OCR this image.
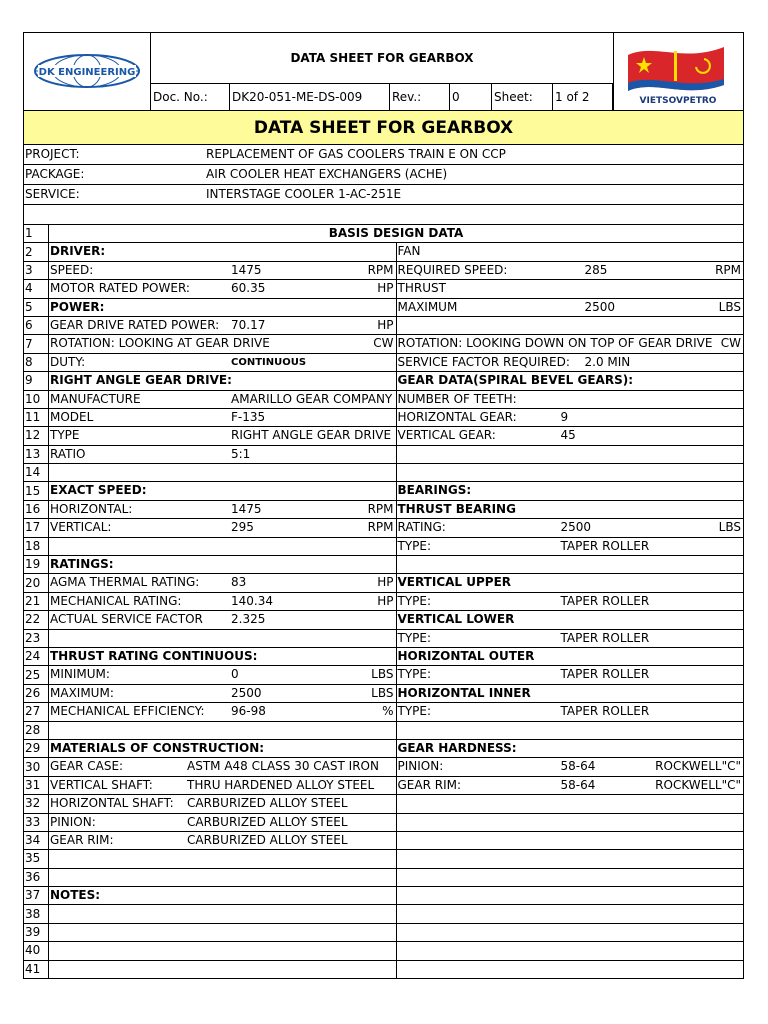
DK ENGINEERING
DATA SHEET FOR GEARBOX
Doc. No.:	DK20-051-ME-DS-009	Rev.:	0	Sheet:	1 of 2	VIETSOVPETRO
DATA SHEET FOR GEARBOX
PROJECT:	REPLACEMENT OF GAS COOLERS TRAIN E ON CCP
PACKAGE:	AIR COOLER HEAT EXCHANGERS (ACHE)
SERVICE:	INTERSTAGE COOLER 1-AC-251E
1	BASIS DESIGN DATA	
2	DRIVER:	FAN

3	SPEED: 1475 RPM	REQUIRED SPEED: 285 RPM

4	MOTOR RATED POWER: 60.35 HP	THRUST

5	POWER:	MAXIMUM 2500 LBS

6	GEAR DRIVE RATED POWER: 70.17 HP	

7	ROTATION: LOOKING AT GEAR DRIVE CW	ROTATION: LOOKING DOWN ON TOP OF GEAR DRIVE CW

8	DUTY: CONTINUOUS	SERVICE FACTOR REQUIRED: 2.0 MIN

9	RIGHT ANGLE GEAR DRIVE:	GEAR DATA(SPIRAL BEVEL GEARS):

10	MANUFACTURE AMARILLO GEAR COMPANY	NUMBER OF TEETH:

11	MODEL F-135	HORIZONTAL GEAR: 9

12	TYPE RIGHT ANGLE GEAR DRIVE	VERTICAL GEAR: 45

13	RATIO 5:1	

14		
15	EXACT SPEED:	BEARINGS:

16	HORIZONTAL: 1475 RPM	THRUST BEARING

17	VERTICAL: 295 RPM	RATING: 2500 LBS

18		TYPE: TAPER ROLLER

19	RATINGS:	

20	AGMA THERMAL RATING: 83 HP	VERTICAL UPPER

21	MECHANICAL RATING: 140.34 HP	TYPE: TAPER ROLLER

22	ACTUAL SERVICE FACTOR 2.325	VERTICAL LOWER

23		TYPE: TAPER ROLLER

24	THRUST RATING CONTINUOUS:	HORIZONTAL OUTER

25	MINIMUM: 0 LBS	TYPE: TAPER ROLLER

26	MAXIMUM: 2500 LBS	HORIZONTAL INNER

27	MECHANICAL EFFICIENCY: 96-98 %	TYPE: TAPER ROLLER

28		
29	MATERIALS OF CONSTRUCTION:	GEAR HARDNESS:

30	GEAR CASE: ASTM A48 CLASS 30 CAST IRON	PINION: 58-64 ROCKWELL"C"

31	VERTICAL SHAFT: THRU HARDENED ALLOY STEEL	GEAR RIM: 58-64 ROCKWELL"C"

32	HORIZONTAL SHAFT: CARBURIZED ALLOY STEEL	

33	PINION: CARBURIZED ALLOY STEEL	

34	GEAR RIM: CARBURIZED ALLOY STEEL	

35		
36		
37	NOTES:	

38		
39		
40		
41		
